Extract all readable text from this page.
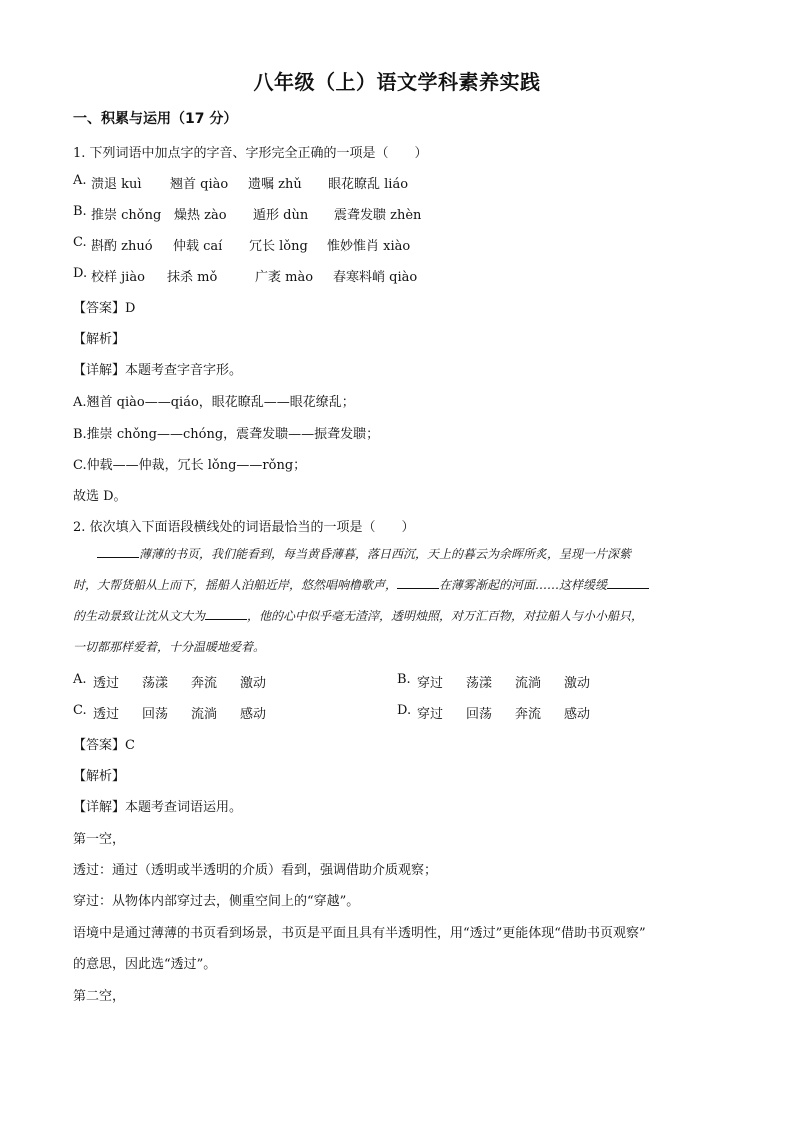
八年级（上）语文学科素养实践
一、积累与运用（17 分）
1. 下列词语中加点字的字音、字形完全正确的一项是（　　）
A. 溃退 kuì 翘首 qiào 遗嘱 zhǔ 眼花瞭乱 liáo
B. 推崇 chǒng 燥热 zào 遁形 dùn 震聋发聩 zhèn
C. 斟酌 zhuó 仲载 caí 冗长 lǒng 惟妙惟肖 xiào
D. 校样 jiào 抹杀 mǒ	广袤 mào 春寒料峭 qiào
【答案】D
【解析】
【详解】本题考查字音字形。
A.翘首 qiào——qiáo，眼花瞭乱——眼花缭乱；
B.推崇 chǒng——chóng，震聋发聩——振聋发聩；
C.仲载——仲裁，冗长 lǒng——rǒng；
故选 D。
2. 依次填入下面语段横线处的词语最恰当的一项是（　　）
薄薄的书页，我们能看到，每当黄昏薄暮，落日西沉，天上的暮云为余晖所炙，呈现一片深紫
时，大帮货船从上而下，摇船人泊船近岸，悠然唱响橹歌声，	在薄雾渐起的河面……这样缓缓
的生动景致让沈从文大为	，他的心中似乎毫无渣滓，透明烛照，对万汇百物，对拉船人与小小船只，
一切都那样爱着，十分温暖地爱着。
A. 透过 荡漾 奔流 激动	B. 穿过 荡漾 流淌 激动
C. 透过 回荡 流淌 感动	D. 穿过 回荡 奔流 感动
【答案】C
【解析】
【详解】本题考查词语运用。
第一空，
透过：通过（透明或半透明的介质）看到，强调借助介质观察；
穿过：从物体内部穿过去，侧重空间上的“穿越”。
语境中是通过薄薄的书页看到场景，书页是平面且具有半透明性，用“透过”更能体现“借助书页观察”
的意思，因此选“透过”。
第二空，
